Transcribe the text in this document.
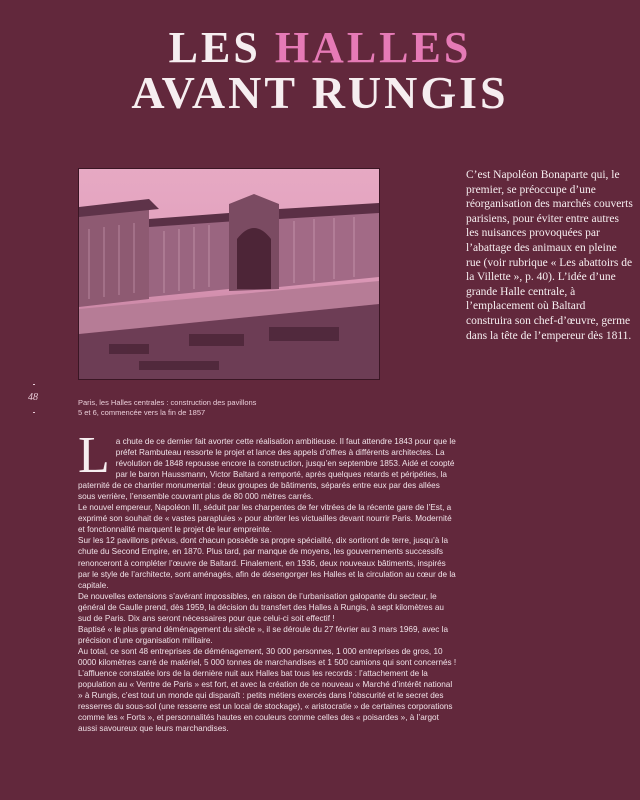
LES HALLES
AVANT RUNGIS
Paris, les Halles centrales : construction des pavillons
5 et 6, commencée vers la fin de 1857
48

C’est Napoléon Bonaparte qui, le premier, se préoccupe d’une réorganisation des marchés couverts parisiens, pour éviter entre autres les nuisances provoquées par l’abattage des animaux en pleine rue (voir rubrique « Les abattoirs de la Villette », p. 40). L’idée d’une grande Halle centrale, à l’emplacement où Baltard construira son chef-d’œuvre, germe dans la tête de l’empereur dès 1811.

L a chute de ce dernier fait avorter cette réalisation ambitieuse. Il faut attendre 1843 pour que le préfet Rambuteau ressorte le projet et lance des appels d’offres à différents architectes. La révolution de 1848 repousse encore la construction, jusqu’en septembre 1853. Aidé et coopté par le baron Haussmann, Victor Baltard a remporté, après quelques retards et péripéties, la paternité de ce chantier monumental : deux groupes de bâtiments, séparés entre eux par des allées sous verrière, l’ensemble couvrant plus de 80 000 mètres carrés.

Le nouvel empereur, Napoléon III, séduit par les charpentes de fer vitrées de la récente gare de l’Est, a exprimé son souhait de « vastes parapluies » pour abriter les victuailles devant nourrir Paris. Modernité et fonctionnalité marquent le projet de leur empreinte.

Sur les 12 pavillons prévus, dont chacun possède sa propre spécialité, dix sortiront de terre, jusqu’à la chute du Second Empire, en 1870. Plus tard, par manque de moyens, les gouvernements successifs renonceront à compléter l’œuvre de Baltard. Finalement, en 1936, deux nouveaux bâtiments, inspirés par le style de l’architecte, sont aménagés, afin de désengorger les Halles et la circulation au cœur de la capitale.

De nouvelles extensions s’avérant impossibles, en raison de l’urbanisation galopante du secteur, le général de Gaulle prend, dès 1959, la décision du transfert des Halles à Rungis, à sept kilomètres au sud de Paris. Dix ans seront nécessaires pour que celui-ci soit effectif !

Baptisé « le plus grand déménagement du siècle », il se déroule du 27 février au 3 mars 1969, avec la précision d’une organisation militaire.

Au total, ce sont 48 entreprises de déménagement, 30 000 personnes, 1 000 entreprises de gros, 10 0000 kilomètres carré de matériel, 5 000 tonnes de marchandises et 1 500 camions qui sont concernés !

L’affluence constatée lors de la dernière nuit aux Halles bat tous les records : l’attachement de la population au « Ventre de Paris » est fort, et avec la création de ce nouveau « Marché d’intérêt national » à Rungis, c’est tout un monde qui disparaît : petits métiers exercés dans l’obscurité et le secret des resserres du sous-sol (une resserre est un local de stockage), « aristocratie » de certaines corporations comme les « Forts », et personnalités hautes en couleurs comme celles des « poisardes », à l’argot aussi savoureux que leurs marchandises.
